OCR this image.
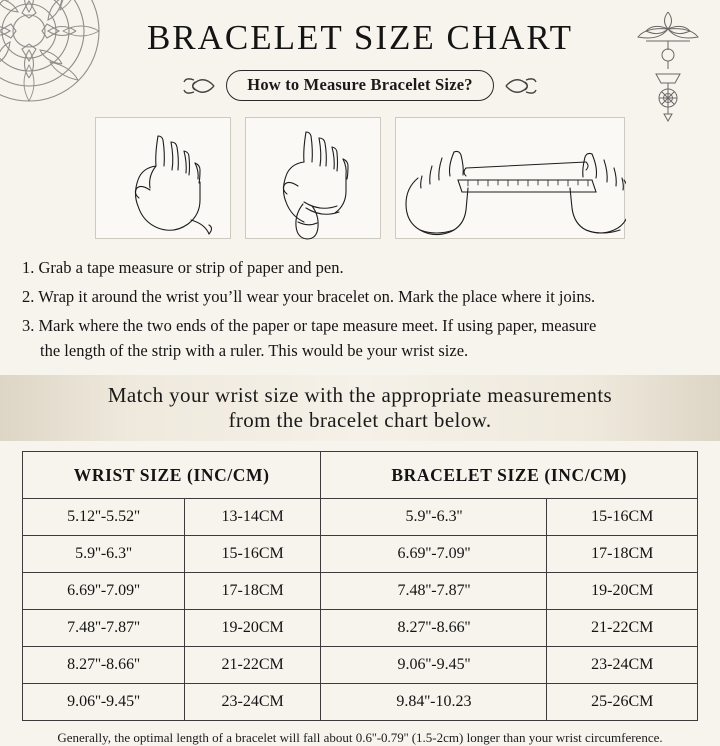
BRACELET SIZE CHART
How to Measure Bracelet Size?
1. Grab a tape measure or strip of paper and pen.
2. Wrap it around the wrist you’ll wear your bracelet on. Mark the place where it joins.
3. Mark where the two ends of the paper or tape measure meet. If using paper, measure
the length of the strip with a ruler. This would be your wrist size.
Match your wrist size with the appropriate measurements
from the bracelet chart below.
WRIST SIZE (INC/CM)		BRACELET SIZE (INC/CM)	
5.12''-5.52''	13-14CM	5.9''-6.3''	15-16CM
5.9''-6.3''	15-16CM	6.69''-7.09''	17-18CM
6.69''-7.09''	17-18CM	7.48''-7.87''	19-20CM
7.48''-7.87''	19-20CM	8.27''-8.66''	21-22CM
8.27''-8.66''	21-22CM	9.06''-9.45''	23-24CM
9.06''-9.45''	23-24CM	9.84''-10.23	25-26CM
Generally, the optimal length of a bracelet will fall about 0.6''-0.79'' (1.5-2cm) longer than your wrist circumference.
